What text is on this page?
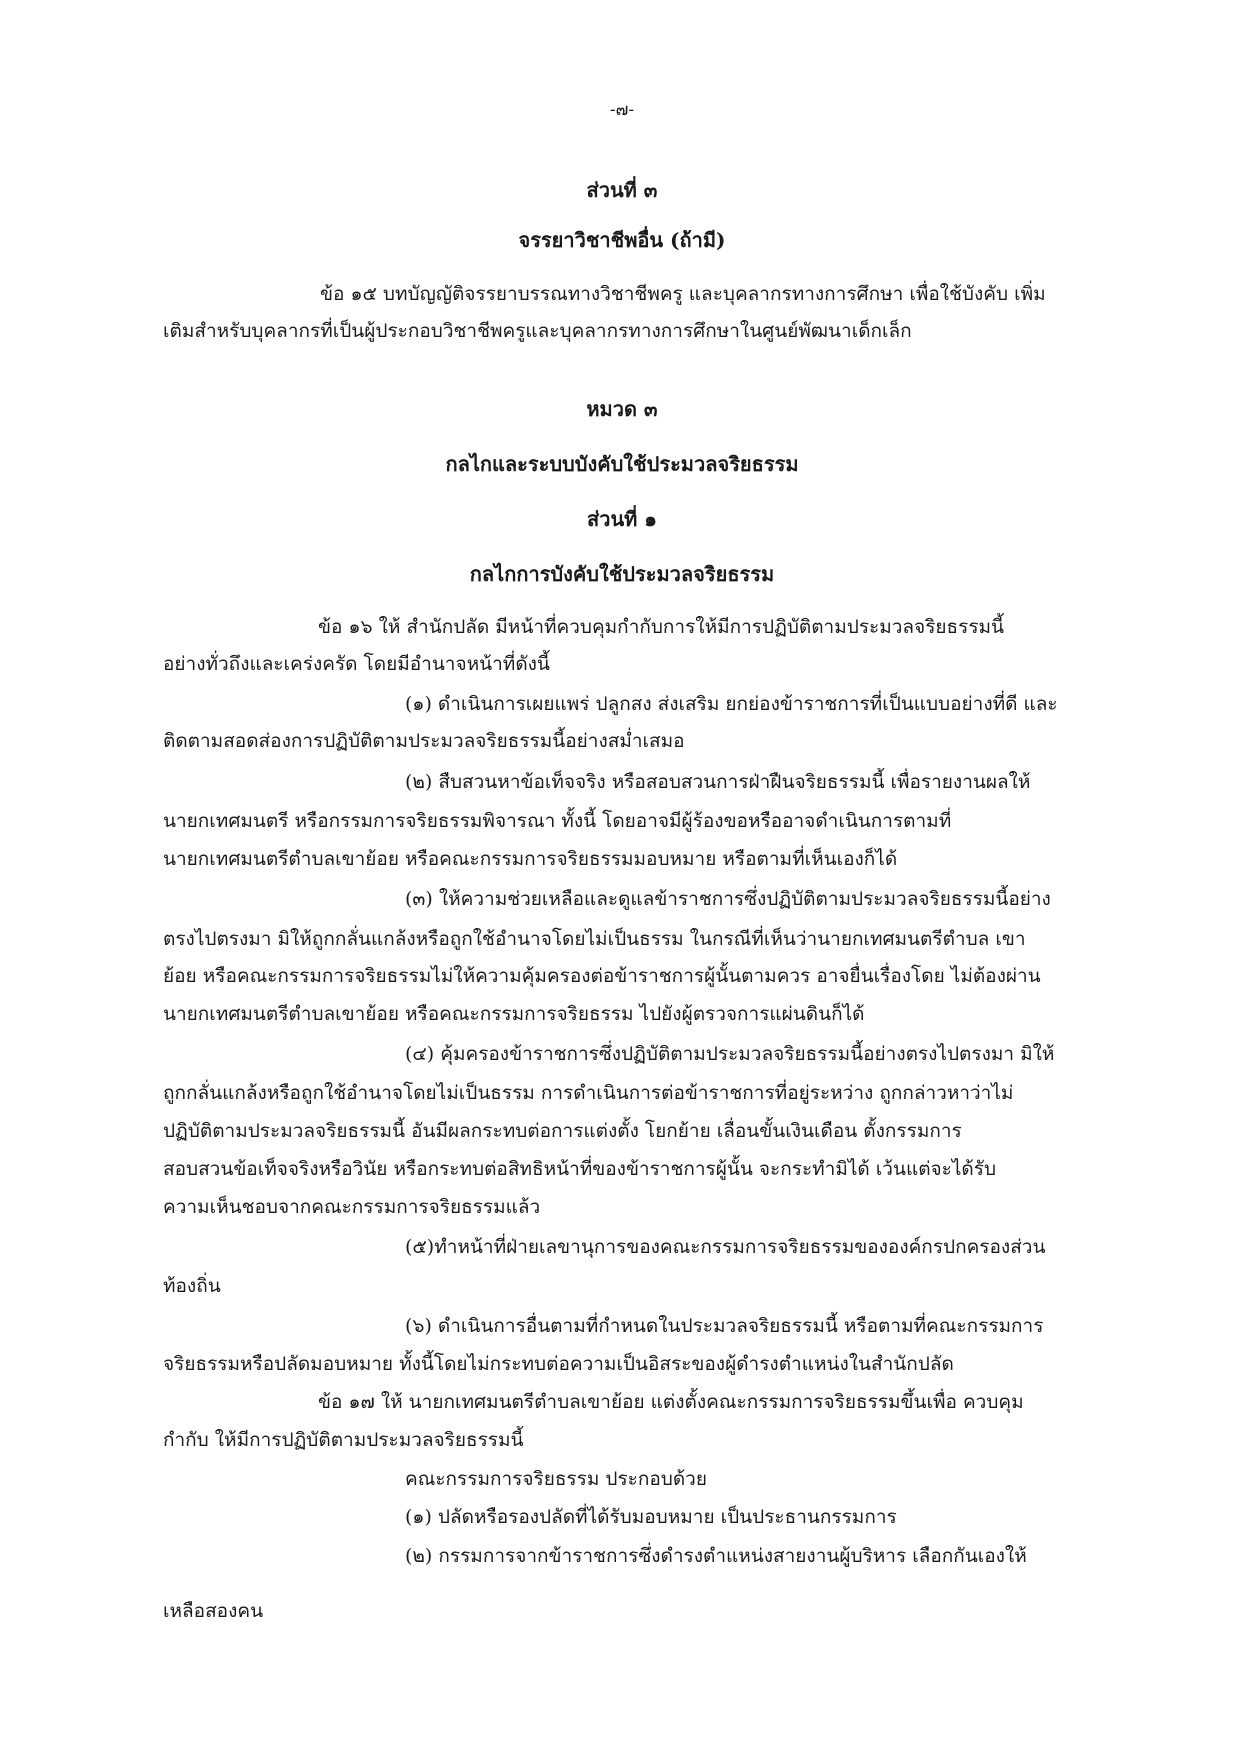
-๗-

ส่วนที่ ๓

จรรยาวิชาชีพอื่น (ถ้ามี)

ข้อ ๑๕ บทบัญญัติจรรยาบรรณทางวิชาชีพครู และบุคลากรทางการศึกษา เพื่อใช้บังคับ เพิ่ม

เติมสำหรับบุคลากรที่เป็นผู้ประกอบวิชาชีพครูและบุคลากรทางการศึกษาในศูนย์พัฒนาเด็กเล็ก

หมวด ๓

กลไกและระบบบังคับใช้ประมวลจริยธรรม

ส่วนที่ ๑

กลไกการบังคับใช้ประมวลจริยธรรม

ข้อ ๑๖ ให้ สำนักปลัด มีหน้าที่ควบคุมกำกับการให้มีการปฏิบัติตามประมวลจริยธรรมนี้

อย่างทั่วถึงและเคร่งครัด โดยมีอำนาจหน้าที่ดังนี้

(๑) ดำเนินการเผยแพร่ ปลูกสง ส่งเสริม ยกย่องข้าราชการที่เป็นแบบอย่างที่ดี และ

ติดตามสอดส่องการปฏิบัติตามประมวลจริยธรรมนี้อย่างสม่ำเสมอ

(๒) สืบสวนหาข้อเท็จจริง หรือสอบสวนการฝ่าฝืนจริยธรรมนี้ เพื่อรายงานผลให้

นายกเทศมนตรี หรือกรรมการจริยธรรมพิจารณา ทั้งนี้ โดยอาจมีผู้ร้องขอหรืออาจดำเนินการตามที่

นายกเทศมนตรีตำบลเขาย้อย หรือคณะกรรมการจริยธรรมมอบหมาย หรือตามที่เห็นเองก็ได้

(๓) ให้ความช่วยเหลือและดูแลข้าราชการซึ่งปฏิบัติตามประมวลจริยธรรมนี้อย่าง

ตรงไปตรงมา มิให้ถูกกลั่นแกล้งหรือถูกใช้อำนาจโดยไม่เป็นธรรม ในกรณีที่เห็นว่านายกเทศมนตรีตำบล เขา

ย้อย หรือคณะกรรมการจริยธรรมไม่ให้ความคุ้มครองต่อข้าราชการผู้นั้นตามควร อาจยื่นเรื่องโดย ไม่ต้องผ่าน

นายกเทศมนตรีตำบลเขาย้อย หรือคณะกรรมการจริยธรรม ไปยังผู้ตรวจการแผ่นดินก็ได้

(๔) คุ้มครองข้าราชการซึ่งปฏิบัติตามประมวลจริยธรรมนี้อย่างตรงไปตรงมา มิให้

ถูกกลั่นแกล้งหรือถูกใช้อำนาจโดยไม่เป็นธรรม การดำเนินการต่อข้าราชการที่อยู่ระหว่าง ถูกกล่าวหาว่าไม่

ปฏิบัติตามประมวลจริยธรรมนี้ อันมีผลกระทบต่อการแต่งตั้ง โยกย้าย เลื่อนขั้นเงินเดือน ตั้งกรรมการ

สอบสวนข้อเท็จจริงหรือวินัย หรือกระทบต่อสิทธิหน้าที่ของข้าราชการผู้นั้น จะกระทำมิได้ เว้นแต่จะได้รับ

ความเห็นชอบจากคณะกรรมการจริยธรรมแล้ว

(๕)ทำหน้าที่ฝ่ายเลขานุการของคณะกรรมการจริยธรรมขององค์กรปกครองส่วน

ท้องถิ่น

(๖) ดำเนินการอื่นตามที่กำหนดในประมวลจริยธรรมนี้ หรือตามที่คณะกรรมการ

จริยธรรมหรือปลัดมอบหมาย ทั้งนี้โดยไม่กระทบต่อความเป็นอิสระของผู้ดำรงตำแหน่งในสำนักปลัด

ข้อ ๑๗ ให้ นายกเทศมนตรีตำบลเขาย้อย แต่งตั้งคณะกรรมการจริยธรรมขึ้นเพื่อ ควบคุม

กำกับ ให้มีการปฏิบัติตามประมวลจริยธรรมนี้

คณะกรรมการจริยธรรม ประกอบด้วย

(๑) ปลัดหรือรองปลัดที่ได้รับมอบหมาย เป็นประธานกรรมการ

(๒) กรรมการจากข้าราชการซึ่งดำรงตำแหน่งสายงานผู้บริหาร เลือกกันเองให้

เหลือสองคน
